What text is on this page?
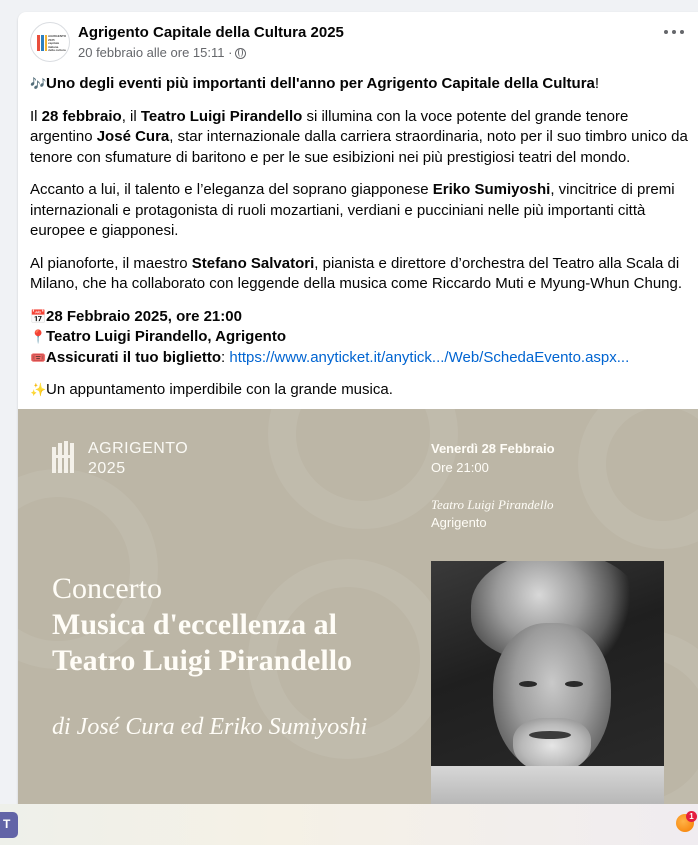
AGRIGENTO
2025
capitale italiana
della cultura
Agrigento Capitale della Cultura 2025
20 febbraio alle ore 15:11 ·

🎶Uno degli eventi più importanti dell'anno per Agrigento Capitale della Cultura!

Il 28 febbraio, il Teatro Luigi Pirandello si illumina con la voce potente del grande tenore argentino José Cura, star internazionale dalla carriera straordinaria, noto per il suo timbro unico da tenore con sfumature di baritono e per le sue esibizioni nei più prestigiosi teatri del mondo.

Accanto a lui, il talento e l’eleganza del soprano giapponese Eriko Sumiyoshi, vincitrice di premi internazionali e protagonista di ruoli mozartiani, verdiani e pucciniani nelle più importanti città europee e giapponesi.

Al pianoforte, il maestro Stefano Salvatori, pianista e direttore d’orchestra del Teatro alla Scala di Milano, che ha collaborato con leggende della musica come Riccardo Muti e Myung-Whun Chung.

📅28 Febbraio 2025, ore 21:00
📍Teatro Luigi Pirandello, Agrigento
🎟️Assicurati il tuo biglietto: https://www.anyticket.it/anytick.../Web/SchedaEvento.aspx...

✨Un appuntamento imperdibile con la grande musica.

AGRIGENTO
2025
Venerdì 28 Febbraio
Ore 21:00
Teatro Luigi Pirandello
Agrigento
Concerto
Musica d'eccellenza al
Teatro Luigi Pirandello
di José Cura ed Eriko Sumiyoshi
T
1
